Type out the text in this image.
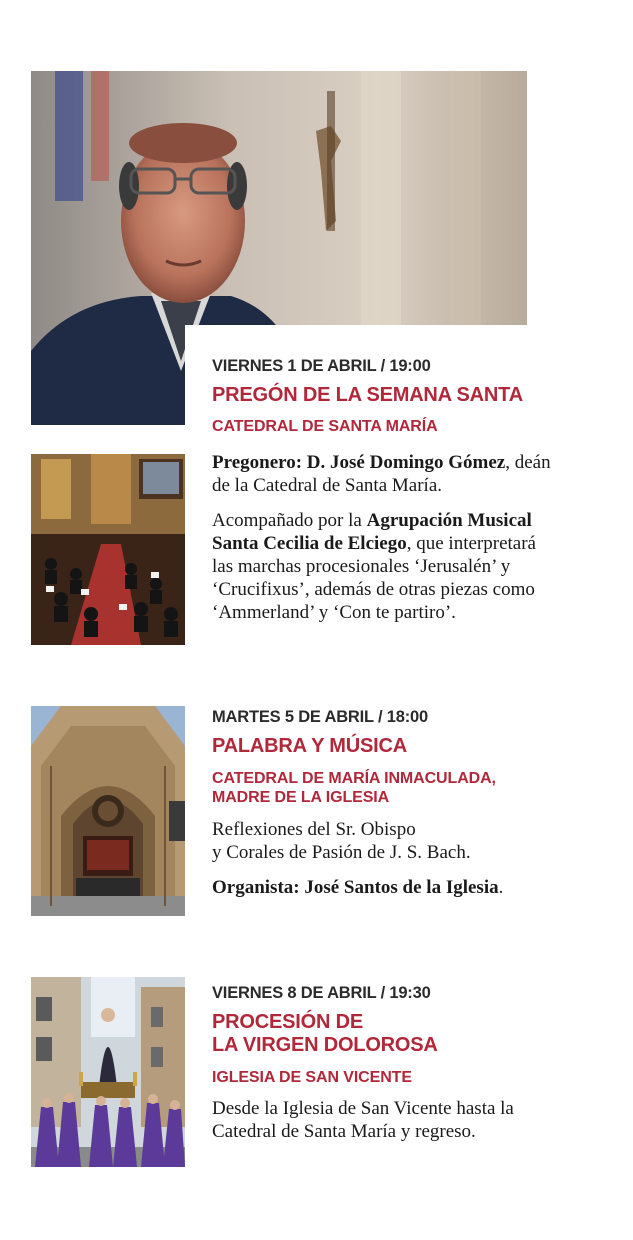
VIERNES 1 DE ABRIL / 19:00

PREGÓN DE LA SEMANA SANTA

CATEDRAL DE SANTA MARÍA

Pregonero: D. José Domingo Gómez, deán
de la Catedral de Santa María.

Acompañado por la Agrupación Musical
Santa Cecilia de Elciego, que interpretará
las marchas procesionales ‘Jerusalén’ y
‘Crucifixus’, además de otras piezas como
‘Ammerland’ y ‘Con te partiro’.

MARTES 5 DE ABRIL / 18:00

PALABRA Y MÚSICA

CATEDRAL DE MARÍA INMACULADA,
MADRE DE LA IGLESIA

Reflexiones del Sr. Obispo
y Corales de Pasión de J. S. Bach.

Organista: José Santos de la Iglesia.

VIERNES 8 DE ABRIL / 19:30

PROCESIÓN DE
LA VIRGEN DOLOROSA

IGLESIA DE SAN VICENTE

Desde la Iglesia de San Vicente hasta la
Catedral de Santa María y regreso.
